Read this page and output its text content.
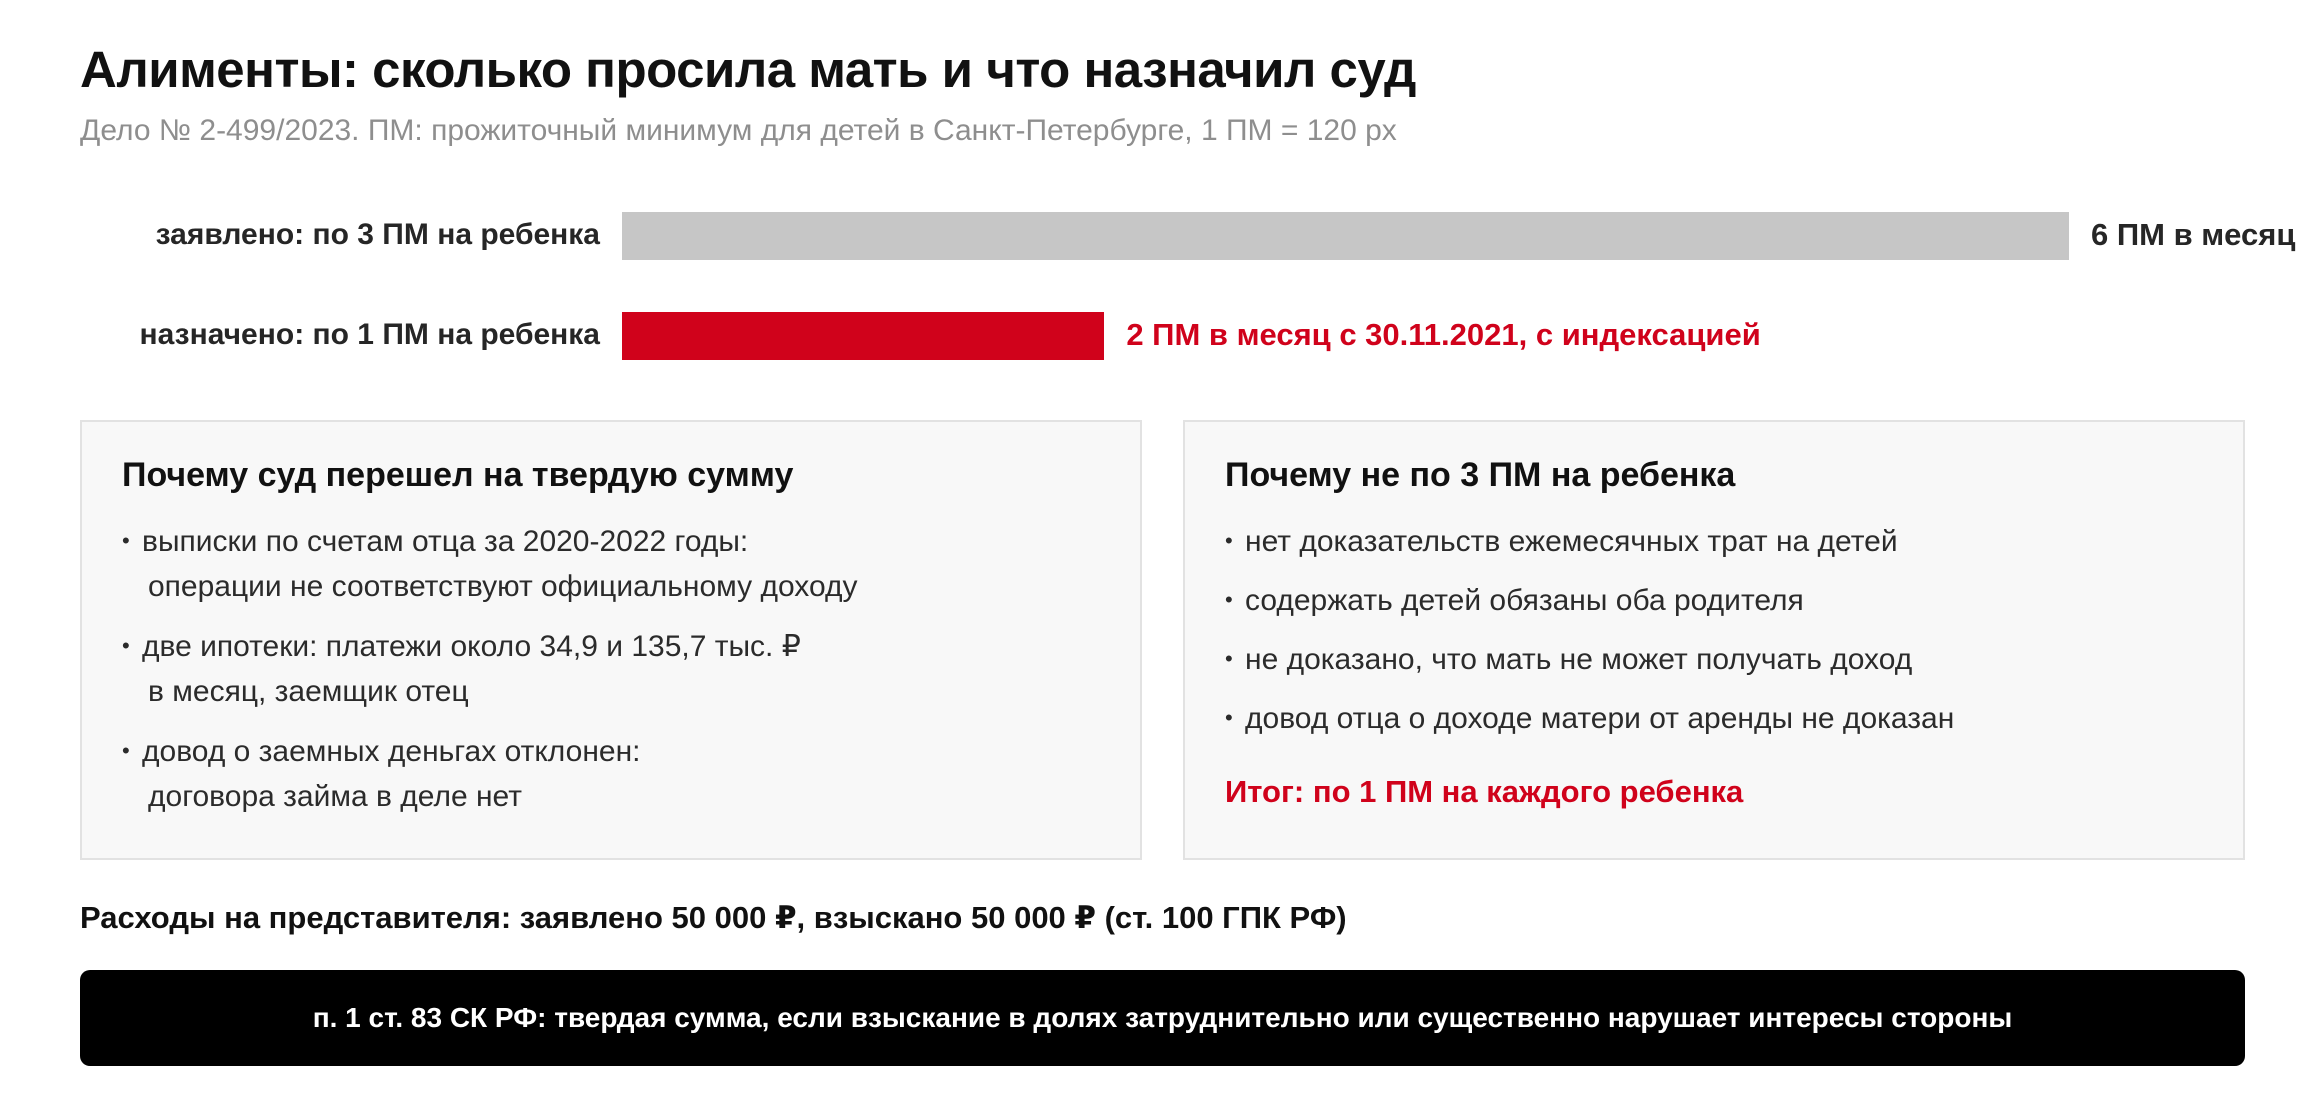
Алименты: сколько просила мать и что назначил суд
Дело № 2-499/2023. ПМ: прожиточный минимум для детей в Санкт-Петербурге, 1 ПМ = 120 px
заявлено: по 3 ПМ на ребенка	6 ПМ в месяц
назначено: по 1 ПМ на ребенка	2 ПМ в месяц с 30.11.2021, с индексацией
Почему суд перешел на твердую сумму
• выписки по счетам отца за 2020-2022 годы:
операции не соответствуют официальному доходу
• две ипотеки: платежи около 34,9 и 135,7 тыс. ₽
в месяц, заемщик отец
• довод о заемных деньгах отклонен:
договора займа в деле нет
Почему не по 3 ПМ на ребенка
• нет доказательств ежемесячных трат на детей
• содержать детей обязаны оба родителя
• не доказано, что мать не может получать доход
• довод отца о доходе матери от аренды не доказан
Итог: по 1 ПМ на каждого ребенка
Расходы на представителя: заявлено 50 000 ₽, взыскано 50 000 ₽ (ст. 100 ГПК РФ)
п. 1 ст. 83 СК РФ: твердая сумма, если взыскание в долях затруднительно или существенно нарушает интересы стороны
